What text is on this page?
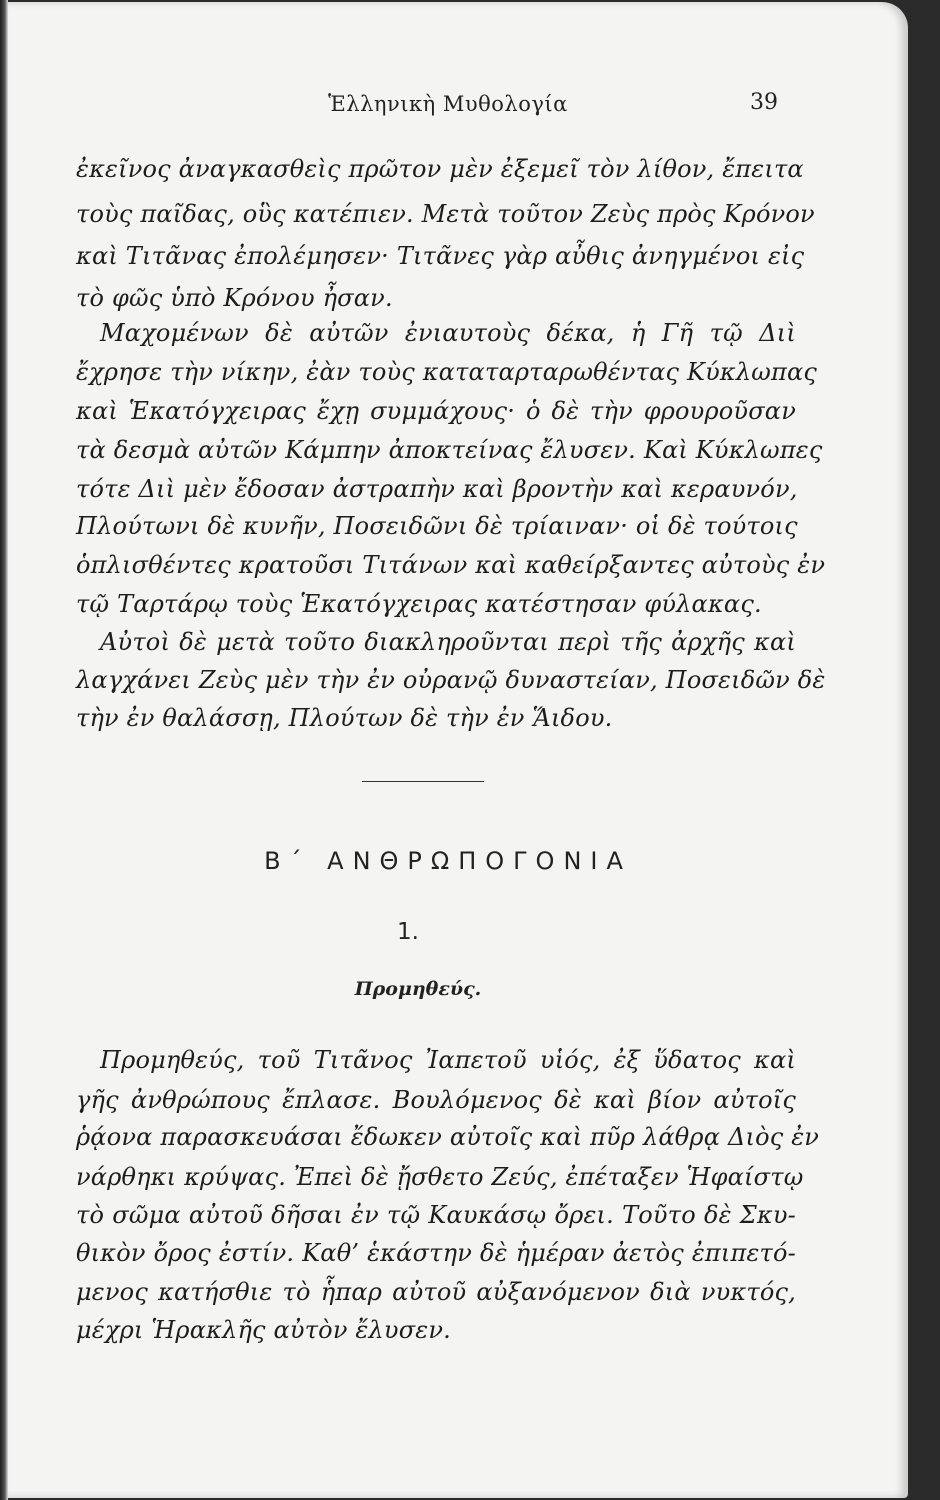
Ἑλληνικὴ Μυθολογία	39
ἐκεῖνος ἀναγκασθεὶς πρῶτον μὲν ἐξεμεῖ τὸν λίθον, ἔπειτα
τοὺς παῖδας, οὓς κατέπιεν. Μετὰ τοῦτον Ζεὺς πρὸς Κρόνον
καὶ Τιτᾶνας ἐπολέμησεν· Τιτᾶνες γὰρ αὖθις ἀνηγμένοι εἰς
τὸ φῶς ὑπὸ Κρόνου ἦσαν.
Μαχομένων δὲ αὐτῶν ἐνιαυτοὺς δέκα, ἡ Γῆ τῷ Διὶ
ἔχρησε τὴν νίκην, ἐὰν τοὺς καταταρταρωθέντας Κύκλωπας
καὶ Ἑκατόγχειρας ἔχῃ συμμάχους· ὁ δὲ τὴν φρουροῦσαν
τὰ δεσμὰ αὐτῶν Κάμπην ἀποκτείνας ἔλυσεν. Καὶ Κύκλωπες
τότε Διὶ μὲν ἔδοσαν ἀστραπὴν καὶ βροντὴν καὶ κεραυνόν,
Πλούτωνι δὲ κυνῆν, Ποσειδῶνι δὲ τρίαιναν· οἱ δὲ τούτοις
ὁπλισθέντες κρατοῦσι Τιτάνων καὶ καθείρξαντες αὐτοὺς ἐν
τῷ Ταρτάρῳ τοὺς Ἑκατόγχειρας κατέστησαν φύλακας.
Αὐτοὶ δὲ μετὰ τοῦτο διακληροῦνται περὶ τῆς ἀρχῆς καὶ
λαγχάνει Ζεὺς μὲν τὴν ἐν οὐρανῷ δυναστείαν, Ποσειδῶν δὲ
τὴν ἐν θαλάσσῃ, Πλούτων δὲ τὴν ἐν Ἅιδου.
Β΄ ΑΝΘΡΩΠΟΓΟΝΙΑ
1.
Προμηθεύς.
Προμηθεύς, τοῦ Τιτᾶνος Ἰαπετοῦ υἱός, ἐξ ὕδατος καὶ
γῆς ἀνθρώπους ἔπλασε. Βουλόμενος δὲ καὶ βίον αὐτοῖς
ῥᾴονα παρασκευάσαι ἔδωκεν αὐτοῖς καὶ πῦρ λάθρᾳ Διὸς ἐν
νάρθηκι κρύψας. Ἐπεὶ δὲ ᾔσθετο Ζεύς, ἐπέταξεν Ἡφαίστῳ
τὸ σῶμα αὐτοῦ δῆσαι ἐν τῷ Καυκάσῳ ὄρει. Τοῦτο δὲ Σκυ-
θικὸν ὄρος ἐστίν. Καθ’ ἑκάστην δὲ ἡμέραν ἀετὸς ἐπιπετό-
μενος κατήσθιε τὸ ἧπαρ αὐτοῦ αὐξανόμενον διὰ νυκτός,
μέχρι Ἡρακλῆς αὐτὸν ἔλυσεν.
